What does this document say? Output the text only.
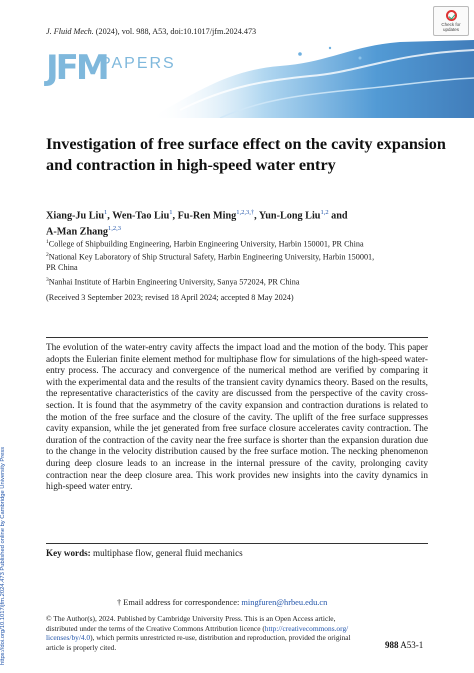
J. Fluid Mech. (2024), vol. 988, A53, doi:10.1017/jfm.2024.473
Check for updates
JFM
PAPERS
Investigation of free surface effect on the cavity expansion and contraction in high-speed water entry
Xiang-Ju Liu$^1$, Wen-Tao Liu$^1$, Fu-Ren Ming$^{1,2,3,\dagger}$, Yun-Long Liu$^{1,2}$ and
A-Man Zhang$^{1,2,3}$
$^1$College of Shipbuilding Engineering, Harbin Engineering University, Harbin 150001, PR China
$^2$National Key Laboratory of Ship Structural Safety, Harbin Engineering University, Harbin 150001, PR China
$^3$Nanhai Institute of Harbin Engineering University, Sanya 572024, PR China
(Received 3 September 2023; revised 18 April 2024; accepted 8 May 2024)
The evolution of the water-entry cavity affects the impact load and the motion of the body. This paper adopts the Eulerian finite element method for multiphase flow for simulations of the high-speed water-entry process. The accuracy and convergence of the numerical method are verified by comparing it with the experimental data and the results of the transient cavity dynamics theory. Based on the results, the representative characteristics of the cavity are discussed from the perspective of the cavity cross-section. It is found that the asymmetry of the cavity expansion and contraction durations is related to the motion of the free surface and the closure of the cavity. The uplift of the free surface suppresses cavity expansion, while the jet generated from free surface closure accelerates cavity contraction. The duration of the contraction of the cavity near the free surface is shorter than the expansion duration due to the change in the velocity distribution caused by the free surface motion. The necking phenomenon during deep closure leads to an increase in the internal pressure of the cavity, prolonging cavity contraction near the deep closure area. This work provides new insights into the cavity dynamics in high-speed water entry.
Key words: multiphase flow, general fluid mechanics
† Email address for correspondence: mingfuren@hrbeu.edu.cn
© The Author(s), 2024. Published by Cambridge University Press. This is an Open Access article,
distributed under the terms of the Creative Commons Attribution licence (http://creativecommons.org/
licenses/by/4.0), which permits unrestricted re-use, distribution and reproduction, provided the original
article is properly cited.	988 A53-1
https://doi.org/10.1017/jfm.2024.473 Published online by Cambridge University Press
